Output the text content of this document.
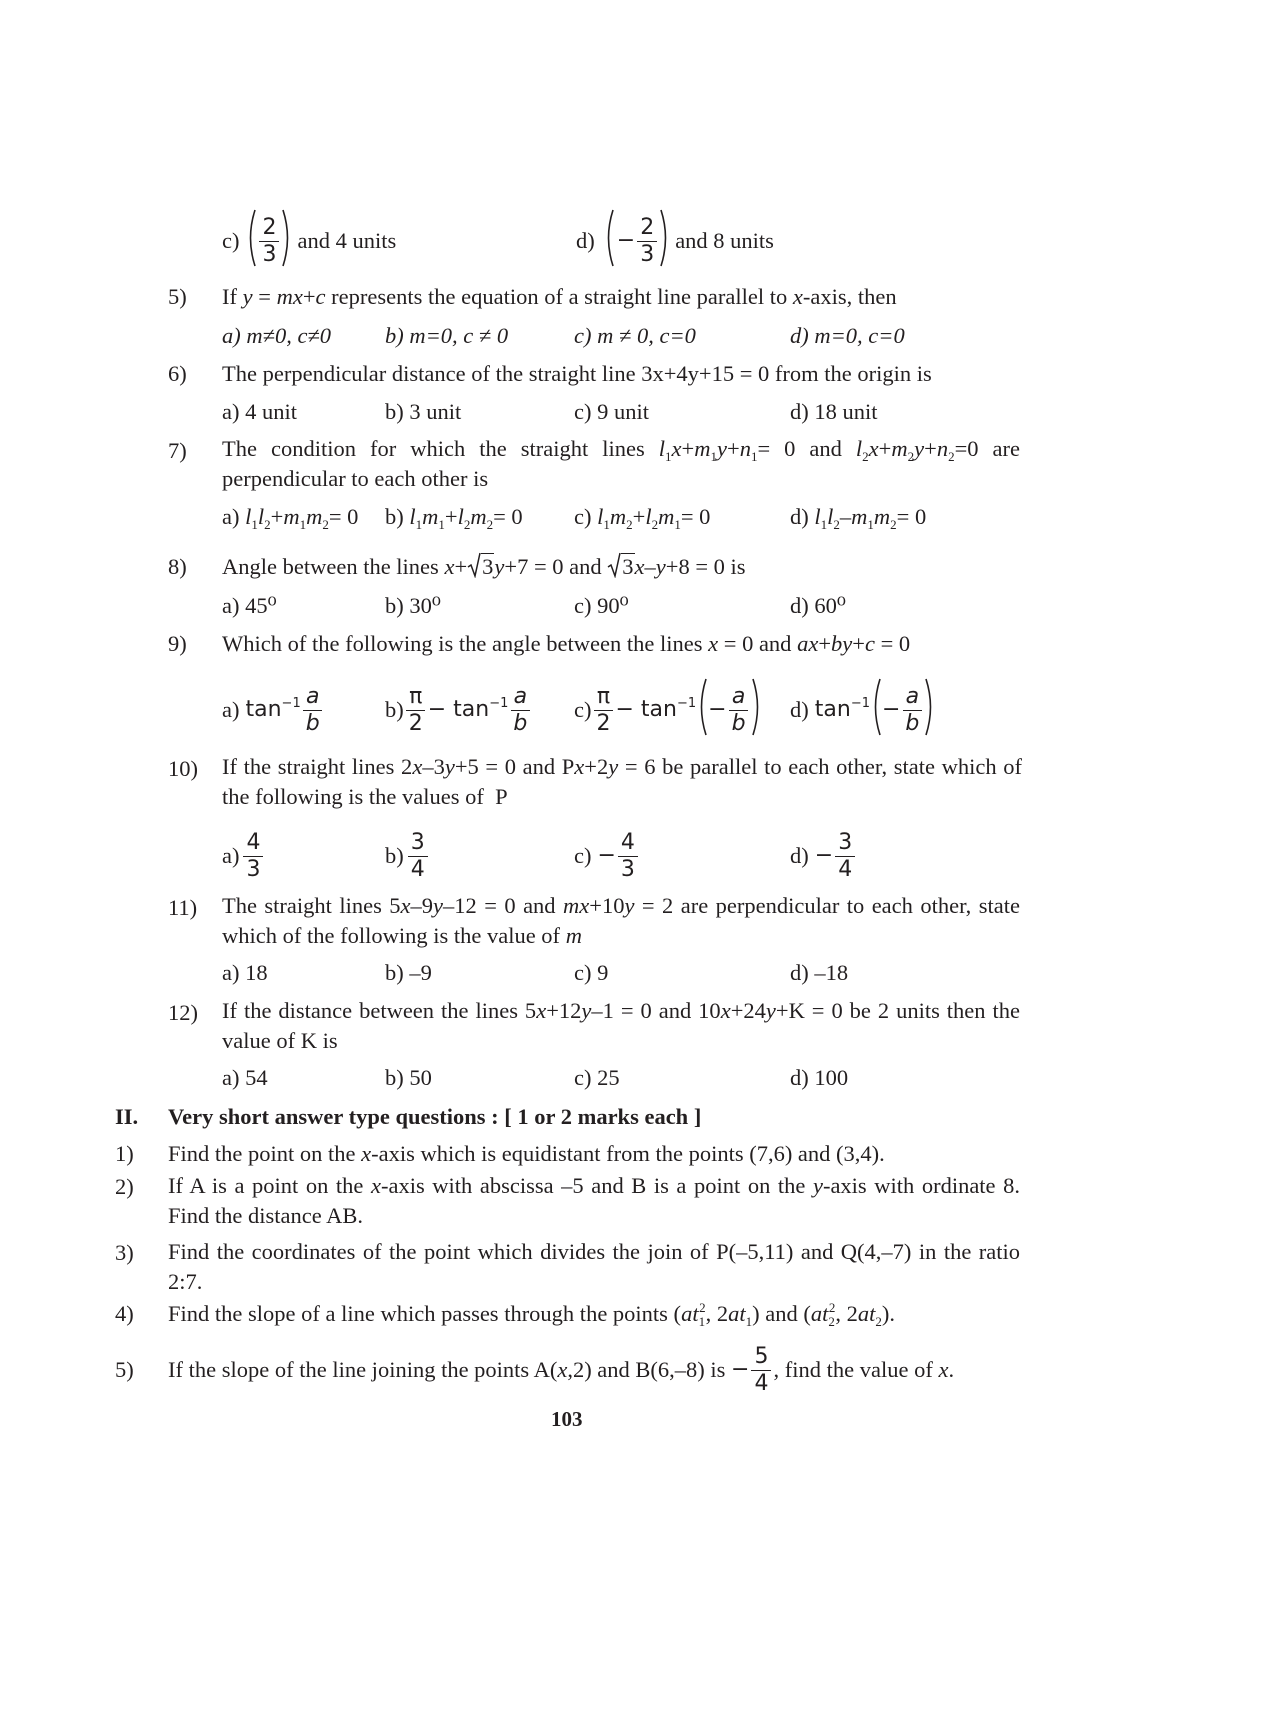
$c) \frac{2}{3}$ and 4 units	$d) - \frac{2}{3}$ and 8 units
5) If y = mx+c represents the equation of a straight line parallel to x-axis, then
a) m≠0, c≠0 b) m=0, c ≠ 0	c) m ≠ 0, c=0	d) m=0, c=0
6) The perpendicular distance of the straight line 3x+4y+15 = 0 from the origin is
a) 4 unit	b) 3 unit	c) 9 unit	d) 18 unit
7) The condition for which the straight lines $l_1x+m_1y+n_1= 0$ and $l_2x+m_2y+n_2=0$ are perpendicular to each other is
a) $l_1l_2+m_1m_2= 0$ b) $l_1m_1+l_2m_2= 0$ c) $l_1m_2+l_2m_1= 0$	d) $l_1l_2-m_1m_2= 0$
8) Angle between the lines x+ 3y+7 = 0 and
3x–y+8 = 0 is
a) 45⁰	b) 30⁰	c) 90⁰	d) 60⁰
9) Which of the following is the angle between the lines x = 0 and ax+by+c = 0
a) $\tan^{-1} \frac{a}{b}$	$b) \frac{\pi}{2} - \tan^{-1} \frac{a}{b} c) \frac{\pi}{2} - \tan^{-1} - \frac{a}{b} d$) $\tan^{-1} - \frac{a}{b}$
10) If the straight lines 2x–3y+5 = 0 and Px+2y = 6 be parallel to each other, state which of the following is the values of  P
$a) \frac{4}{3}$	$b) \frac{3}{4}$	$c) - \frac{4}{3}$	$d) - \frac{3}{4}$
11) The straight lines 5x–9y–12 = 0 and mx+10y = 2 are perpendicular to each other, state which of the following is the value of m
a) 18	b) –9	c) 9	d) –18
12) If the distance between the lines 5x+12y–1 = 0 and 10x+24y+K = 0 be 2 units then the value of K is
a) 54	b) 50	c) 25	d) 100
II. Very short answer type questions : [ 1 or 2 marks each ]
1) Find the point on the x-axis which is equidistant from the points (7,6) and (3,4).
2) If A is a point on the x-axis with abscissa –5 and B is a point on the y-axis with ordinate 8. Find the distance AB.
3) Find the coordinates of the point which divides the join of P(–5,11) and Q(4,–7) in the ratio 2:7.
4) Find the slope of a line which passes through the points ($at_1^2$, $2at_1$) and ($at_2^2$, $2at_2$).
5) If the slope of the line joining the points A(x,2) and B(6,–8) is − $\frac{5}{4}$ , find the value of x.
103
